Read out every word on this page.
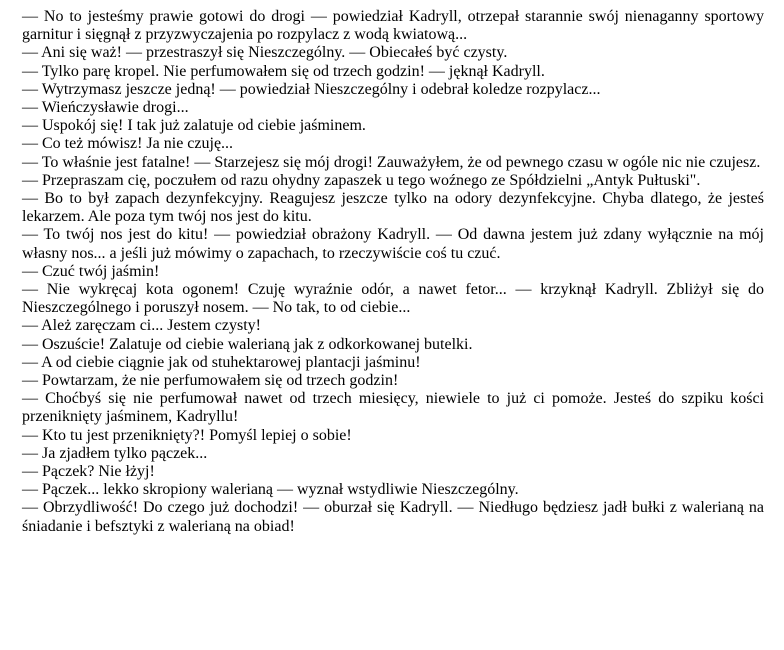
— No to jesteśmy prawie gotowi do drogi — powiedział Kadryll, otrzepał starannie swój nienaganny sportowy garnitur i sięgnął z przyzwyczajenia po rozpylacz z wodą kwiatową...

— Ani się waż! — przestraszył się Nieszczególny. — Obiecałeś być czysty.

— Tylko parę kropel. Nie perfumowałem się od trzech godzin! — jęknął Kadryll.

— Wytrzymasz jeszcze jedną! — powiedział Nieszczególny i odebrał koledze rozpylacz...

— Wieńczysławie drogi...

— Uspokój się! I tak już zalatuje od ciebie jaśminem.

— Co też mówisz! Ja nie czuję...

— To właśnie jest fatalne! — Starzejesz się mój drogi! Zauważyłem, że od pewnego czasu w ogóle nic nie czujesz.

— Przepraszam cię, poczułem od razu ohydny zapaszek u tego woźnego ze Spółdzielni „Antyk Pułtuski".

— Bo to był zapach dezynfekcyjny. Reagujesz jeszcze tylko na odory dezynfekcyjne. Chyba dlatego, że jesteś lekarzem. Ale poza tym twój nos jest do kitu.

— To twój nos jest do kitu! — powiedział obrażony Kadryll. — Od dawna jestem już zdany wyłącznie na mój własny nos... a jeśli już mówimy o zapachach, to rzeczywiście coś tu czuć.

— Czuć twój jaśmin!

— Nie wykręcaj kota ogonem! Czuję wyraźnie odór, a nawet fetor... — krzyknął Kadryll. Zbliżył się do Nieszczególnego i poruszył nosem. — No tak, to od ciebie...

— Ależ zaręczam ci... Jestem czysty!

— Oszuście! Zalatuje od ciebie walerianą jak z odkorkowanej butelki.

— A od ciebie ciągnie jak od stuhektarowej plantacji jaśminu!

— Powtarzam, że nie perfumowałem się od trzech godzin!

— Choćbyś się nie perfumował nawet od trzech miesięcy, niewiele to już ci pomoże. Jesteś do szpiku kości przeniknięty jaśminem, Kadryllu!

— Kto tu jest przeniknięty?! Pomyśl lepiej o sobie!

— Ja zjadłem tylko pączek...

— Pączek? Nie łżyj!

— Pączek... lekko skropiony walerianą — wyznał wstydliwie Nieszczególny.

— Obrzydliwość! Do czego już dochodzi! — oburzał się Kadryll. — Niedługo będziesz jadł bułki z walerianą na śniadanie i befsztyki z walerianą na obiad!
